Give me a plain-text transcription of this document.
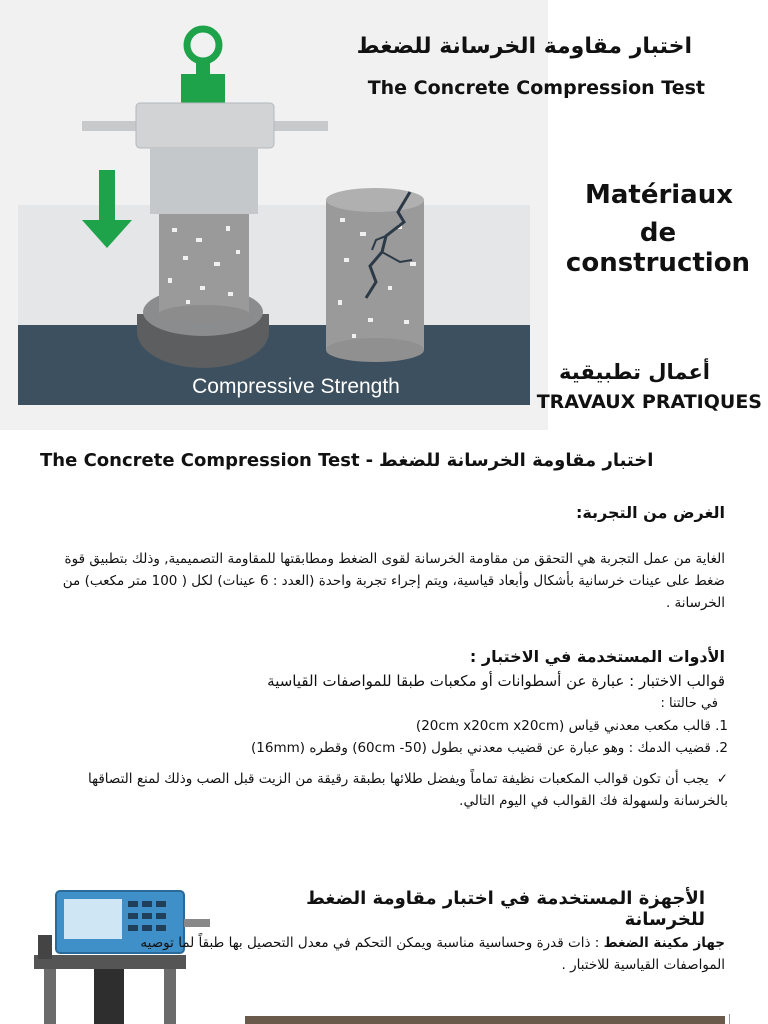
Compressive Strength
اختبار مقاومة الخرسانة للضغط
The Concrete Compression Test
Matériaux
de construction
أعمال تطبيقية
TRAVAUX PRATIQUES
The Concrete Compression Test - اختبار مقاومة الخرسانة للضغط
الغرض من التجربة:
الغاية من عمل التجربة هي التحقق من مقاومة الخرسانة لقوى الضغط ومطابقتها للمقاومة التصميمية, وذلك بتطبيق قوة ضغط على عينات خرسانية بأشكال وأبعاد قياسية، ويتم إجراء تجربة واحدة (العدد : 6 عينات) لكل ( 100 متر مكعب) من الخرسانة .
الأدوات المستخدمة في الاختبار :
قوالب الاختبار : عبارة عن أسطوانات أو مكعبات طبقا للمواصفات القياسية
في حالتنا :
1. قالب مكعب معدني قياس (20cm x20cm x20cm)
2. قضيب الدمك : وهو عبارة عن قضيب معدني بطول (50- 60cm) وقطره (16mm)
✓يجب أن تكون قوالب المكعبات نظيفة تماماً ويفضل طلائها بطبقة رقيقة من الزيت قبل الصب وذلك لمنع التصاقها بالخرسانة ولسهولة فك القوالب في اليوم التالي.
الأجهزة المستخدمة في اختبار مقاومة الضغط للخرسانة
جهاز مكينة الضغط : ذات قدرة وحساسية مناسبة ويمكن التحكم في معدل التحصيل بها طبقاً لما توصيه المواصفات القياسية للاختبار .
